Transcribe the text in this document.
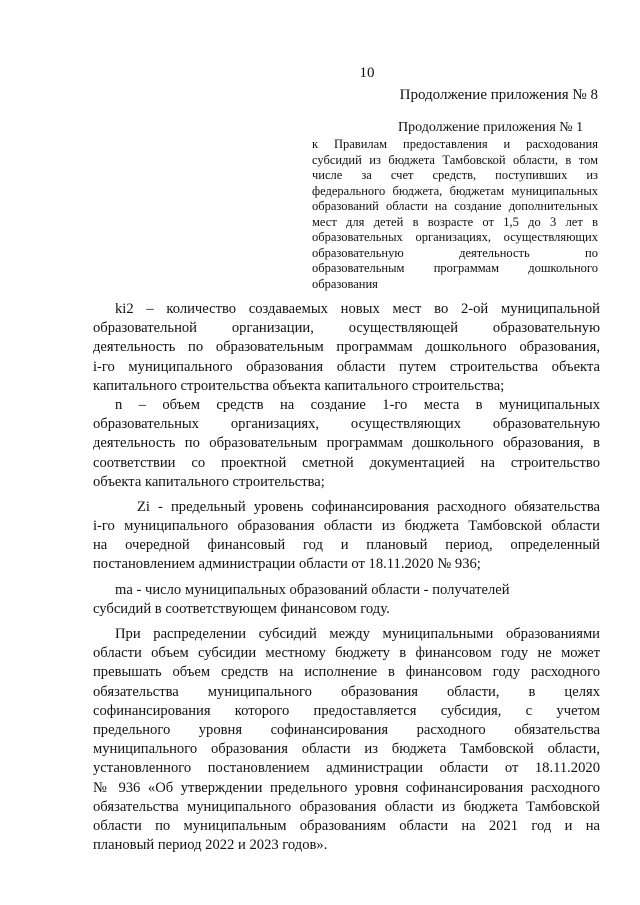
10
Продолжение приложения № 8
Продолжение приложения № 1
к Правилам предоставления и расходования
субсидий из бюджета Тамбовской области, в том
числе за счет средств, поступивших из
федерального бюджета, бюджетам муниципальных
образований области на создание дополнительных
мест для детей в возрасте от 1,5 до 3 лет в
образовательных организациях, осуществляющих
образовательную деятельность по
образовательным программам дошкольного
образования
ki2 – количество создаваемых новых мест во 2-ой муниципальной
образовательной организации, осуществляющей образовательную
деятельность по образовательным программам дошкольного образования,
i-го муниципального образования области путем строительства объекта
капитального строительства объекта капитального строительства;
n – объем средств на создание 1-го места в муниципальных
образовательных организациях, осуществляющих образовательную
деятельность по образовательным программам дошкольного образования, в
соответствии со проектной сметной документацией на строительство
объекта капитального строительства;
Zi - предельный уровень софинансирования расходного обязательства
i-го муниципального образования области из бюджета Тамбовской области
на очередной финансовый год и плановый период, определенный
постановлением администрации области от 18.11.2020 № 936;
ma - число муниципальных образований области - получателей
субсидий в соответствующем финансовом году.
При распределении субсидий между муниципальными образованиями
области объем субсидии местному бюджету в финансовом году не может
превышать объем средств на исполнение в финансовом году расходного
обязательства муниципального образования области, в целях
софинансирования которого предоставляется субсидия, с учетом
предельного уровня софинансирования расходного обязательства
муниципального образования области из бюджета Тамбовской области,
установленного постановлением администрации области от 18.11.2020
№ 936 «Об утверждении предельного уровня софинансирования расходного
обязательства муниципального образования области из бюджета Тамбовской
области по муниципальным образованиям области на 2021 год и на
плановый период 2022 и 2023 годов».
